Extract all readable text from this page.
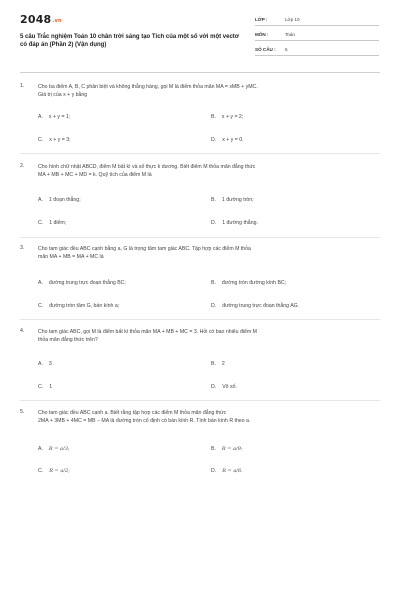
2048.vn
5 câu Trắc nghiệm Toán 10 chân trời sáng tạo Tích của một số với một vectơ có đáp án (Phần 2) (Vận dụng)
LỚP :	Lớp 10
MÔN :	Toán
SỐ CÂU : 5
1.	Cho ba điểm A, B, C phân biệt và không thẳng hàng, gọi M là điểm thỏa mãn MA = xMB + yMC.
Giá trị của x + y bằng
A. x + y = 1;	B. x + y = 2;
C. x + y = 3;	D. x + y = 0.
2.	Cho hình chữ nhật ABCD, điểm M bất kì và số thực k dương. Biết điểm M thỏa mãn đẳng thức
MA + MB + MC + MD = k. Quỹ tích của điểm M là
A. 1 đoạn thẳng;	B. 1 đường tròn;
C. 1 điểm;	D. 1 đường thẳng.
3.	Cho tam giác đều ABC cạnh bằng a, G là trọng tâm tam giác ABC. Tập hợp các điểm M thỏa
mãn MA + MB = MA + MC là
A. đường trung trực đoạn thẳng BC;	B. đường tròn đường kính BC;
C. đường tròn tâm G, bán kính a;	D. đường trung trực đoạn thẳng AG.
4.	Cho tam giác ABC, gọi M là điểm bất kì thỏa mãn MA + MB + MC = 3. Hỏi có bao nhiêu điểm M
thỏa mãn đẳng thức trên?
A. 3	B. 2
C. 1	D. Vô số.
5.	Cho tam giác đều ABC cạnh a. Biết rằng tập hợp các điểm M thỏa mãn đẳng thức
2MA + 3MB + 4MC = MB − MA là đường tròn cố định có bán kính R. Tính bán kính R theo a.
A. R = a/3;	B. R = a/9;
C. R = a/2;	D. R = a/6.
